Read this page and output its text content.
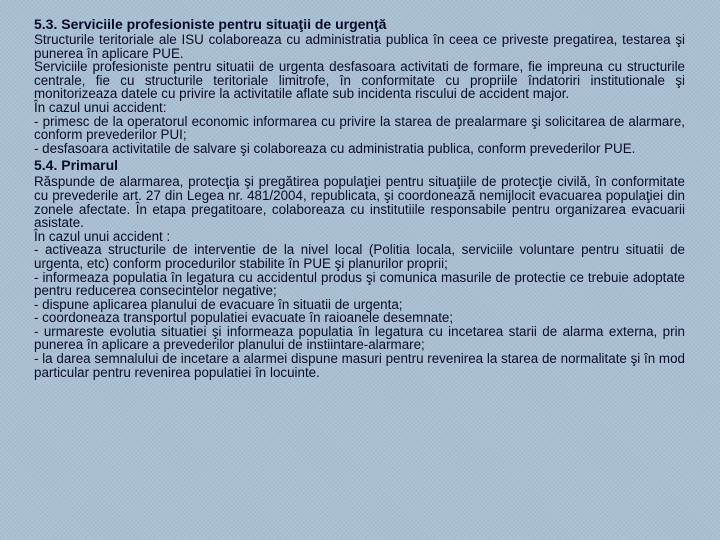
5.3. Serviciile profesioniste pentru situaţii de urgenţă

Structurile teritoriale ale ISU colaboreaza cu administratia publica în ceea ce priveste pregatirea, testarea şi punerea în aplicare PUE.

Serviciile profesioniste pentru situatii de urgenta desfasoara activitati de formare, fie impreuna cu structurile centrale, fie cu structurile teritoriale limitrofe, în conformitate cu propriile îndatoriri institutionale şi monitorizeaza datele cu privire la activitatile aflate sub incidenta riscului de accident major.

În cazul unui accident:

- primesc de la operatorul economic informarea cu privire la starea de prealarmare şi solicitarea de alarmare, conform prevederilor PUI;

- desfasoara activitatile de salvare şi colaboreaza cu administratia publica, conform prevederilor PUE.

5.4. Primarul

Răspunde de alarmarea, protecţia şi pregătirea populaţiei pentru situaţiile de protecţie civilă, în conformitate cu prevederile art. 27 din Legea nr. 481/2004, republicata, şi coordonează nemijlocit evacuarea populaţiei din zonele afectate. În etapa pregatitoare, colaboreaza cu institutiile responsabile pentru organizarea evacuarii asistate.

În cazul unui accident :

- activeaza structurile de interventie de la nivel local (Politia locala, serviciile voluntare pentru situatii de urgenta, etc) conform procedurilor stabilite în PUE şi planurilor proprii;

- informeaza populatia în legatura cu accidentul produs şi comunica masurile de protectie ce trebuie adoptate pentru reducerea consecintelor negative;

- dispune aplicarea planului de evacuare în situatii de urgenta;

- coordoneaza transportul populatiei evacuate în raioanele desemnate;

- urmareste evolutia situatiei şi informeaza populatia în legatura cu incetarea starii de alarma externa, prin punerea în aplicare a prevederilor planului de instiintare-alarmare;

- la darea semnalului de incetare a alarmei dispune masuri pentru revenirea la starea de normalitate şi în mod particular pentru revenirea populatiei în locuinte.
